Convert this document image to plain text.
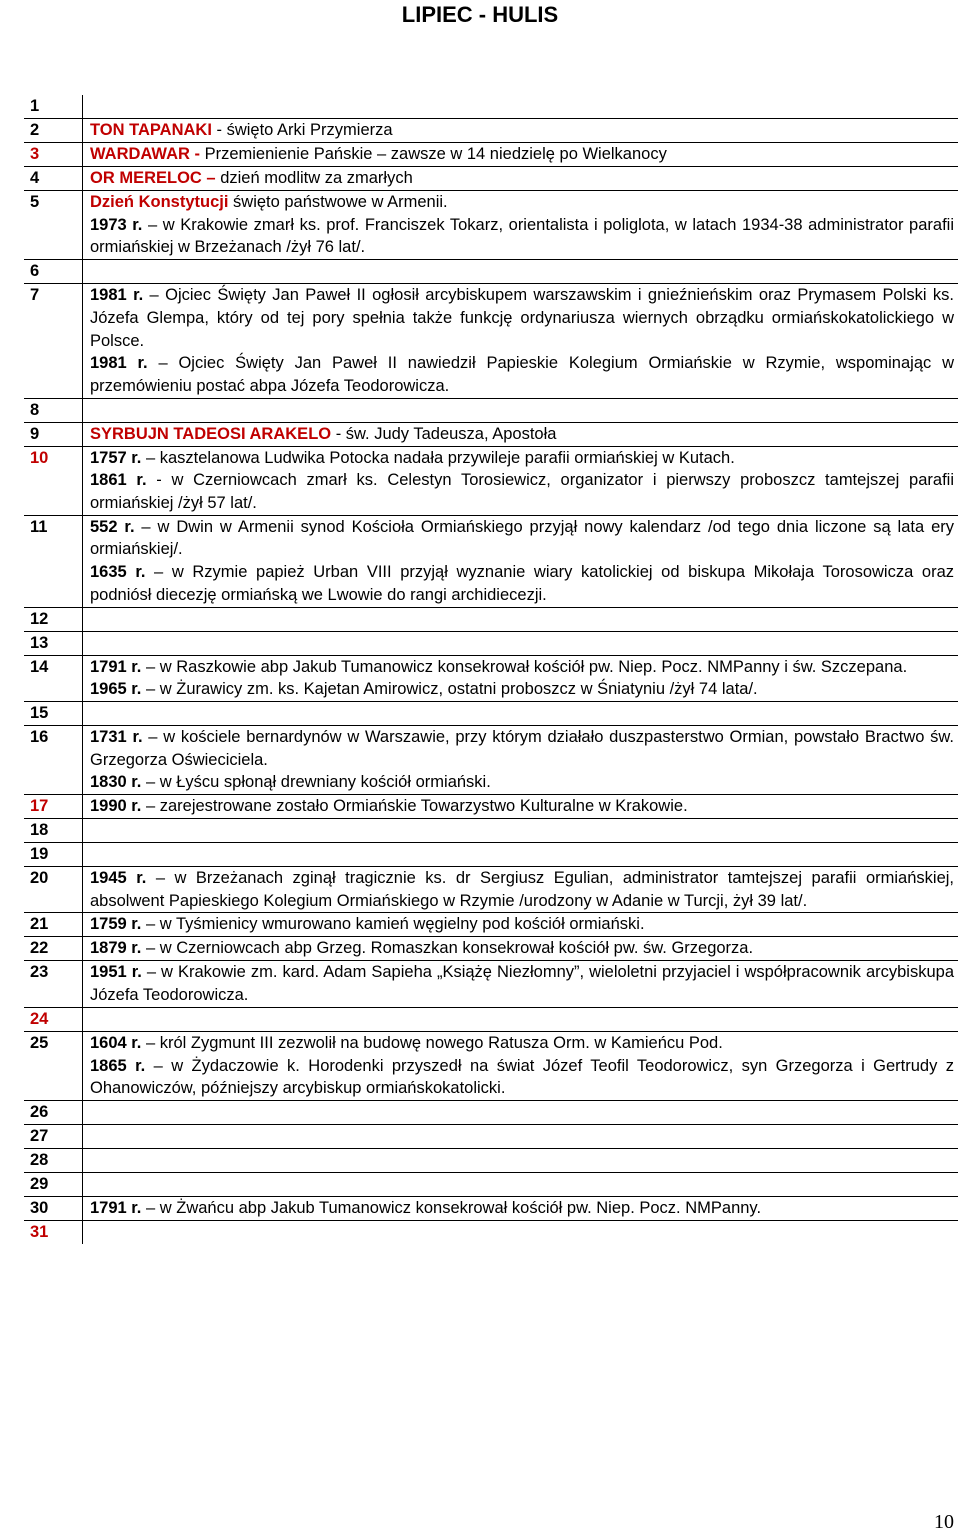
LIPIEC - HULIS
1
2	TON TAPANAKI - święto Arki Przymierza
3	WARDAWAR - Przemienienie Pańskie – zawsze w 14 niedzielę po Wielkanocy
4	OR MERELOC – dzień modlitw za zmarłych
5	Dzień Konstytucji święto państwowe w Armenii.
1973 r. – w Krakowie zmarł ks. prof. Franciszek Tokarz, orientalista i poliglota, w latach 1934-38 administrator parafii ormiańskiej w Brzeżanach /żył 76 lat/.
6
7	1981 r. – Ojciec Święty Jan Paweł II ogłosił arcybiskupem warszawskim i gnieźnieńskim oraz Prymasem Polski ks. Józefa Glempa, który od tej pory spełnia także funkcję ordynariusza wiernych obrządku ormiańskokatolickiego w Polsce.
1981 r. – Ojciec Święty Jan Paweł II nawiedził Papieskie Kolegium Ormiańskie w Rzymie, wspominając w przemówieniu postać abpa Józefa Teodorowicza.
8
9	SYRBUJN TADEOSI ARAKELO - św. Judy Tadeusza, Apostoła
10	1757 r. – kasztelanowa Ludwika Potocka nadała przywileje parafii ormiańskiej w Kutach.
1861 r. - w Czerniowcach zmarł ks. Celestyn Torosiewicz, organizator i pierwszy proboszcz tamtejszej parafii ormiańskiej /żył 57 lat/.
11	552 r. – w Dwin w Armenii synod Kościoła Ormiańskiego przyjął nowy kalendarz /od tego dnia liczone są lata ery ormiańskiej/.
1635 r. – w Rzymie papież Urban VIII przyjął wyznanie wiary katolickiej od biskupa Mikołaja Torosowicza oraz podniósł diecezję ormiańską we Lwowie do rangi archidiecezji.
12
13
14	1791 r. – w Raszkowie abp Jakub Tumanowicz konsekrował kościół pw. Niep. Pocz. NMPanny i św. Szczepana.
1965 r. – w Żurawicy zm. ks. Kajetan Amirowicz, ostatni proboszcz w Śniatyniu /żył 74 lata/.
15
16	1731 r. – w kościele bernardynów w Warszawie, przy którym działało duszpasterstwo Ormian, powstało Bractwo św. Grzegorza Oświeciciela.
1830 r. – w Łyścu spłonął drewniany kościół ormiański.
17	1990 r. – zarejestrowane zostało Ormiańskie Towarzystwo Kulturalne w Krakowie.
18
19
20	1945 r. – w Brzeżanach zginął tragicznie ks. dr Sergiusz Egulian, administrator tamtejszej parafii ormiańskiej, absolwent Papieskiego Kolegium Ormiańskiego w Rzymie /urodzony w Adanie w Turcji, żył 39 lat/.
21	1759 r. – w Tyśmienicy wmurowano kamień węgielny pod kościół ormiański.
22	1879 r. – w Czerniowcach abp Grzeg. Romaszkan konsekrował kościół pw. św. Grzegorza.
23	1951 r. – w Krakowie zm. kard. Adam Sapieha „Książę Niezłomny”, wieloletni przyjaciel i współpracownik arcybiskupa Józefa Teodorowicza.
24
25	1604 r. – król Zygmunt III zezwolił na budowę nowego Ratusza Orm. w Kamieńcu Pod.
1865 r. – w Żydaczowie k. Horodenki przyszedł na świat Józef Teofil Teodorowicz, syn Grzegorza i Gertrudy z Ohanowiczów, późniejszy arcybiskup ormiańskokatolicki.
26
27
28
29
30	1791 r. – w Żwańcu abp Jakub Tumanowicz konsekrował kościół pw. Niep. Pocz. NMPanny.
31
10
